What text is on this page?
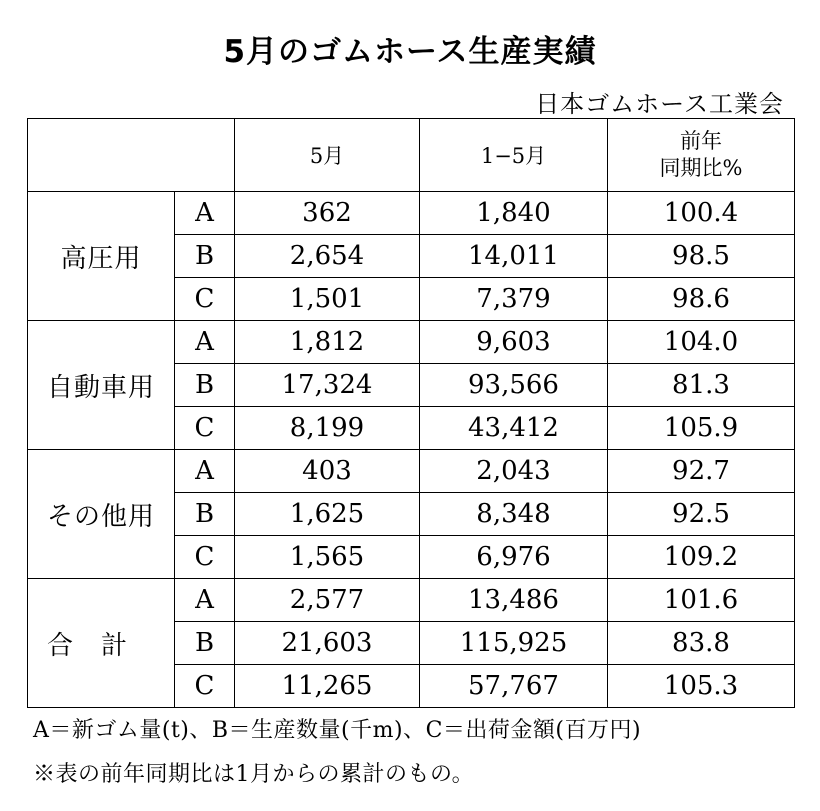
5月のゴムホース生産実績
日本ゴムホース工業会
		5月	1−5月	前年
同期比%

高圧用	A	362	1,840	100.4
	B	2,654	14,011	98.5
	C	1,501	7,379	98.6
自動車用	A	1,812	9,603	104.0
	B	17,324	93,566	81.3
	C	8,199	43,412	105.9
その他用	A	403	2,043	92.7
	B	1,625	8,348	92.5
	C	1,565	6,976	109.2
合計	A	2,577	13,486	101.6
	B	21,603	115,925	83.8
	C	11,265	57,767	105.3
A＝新ゴム量(t)、B＝生産数量(千m)、C＝出荷金額(百万円)
※表の前年同期比は1月からの累計のもの。
